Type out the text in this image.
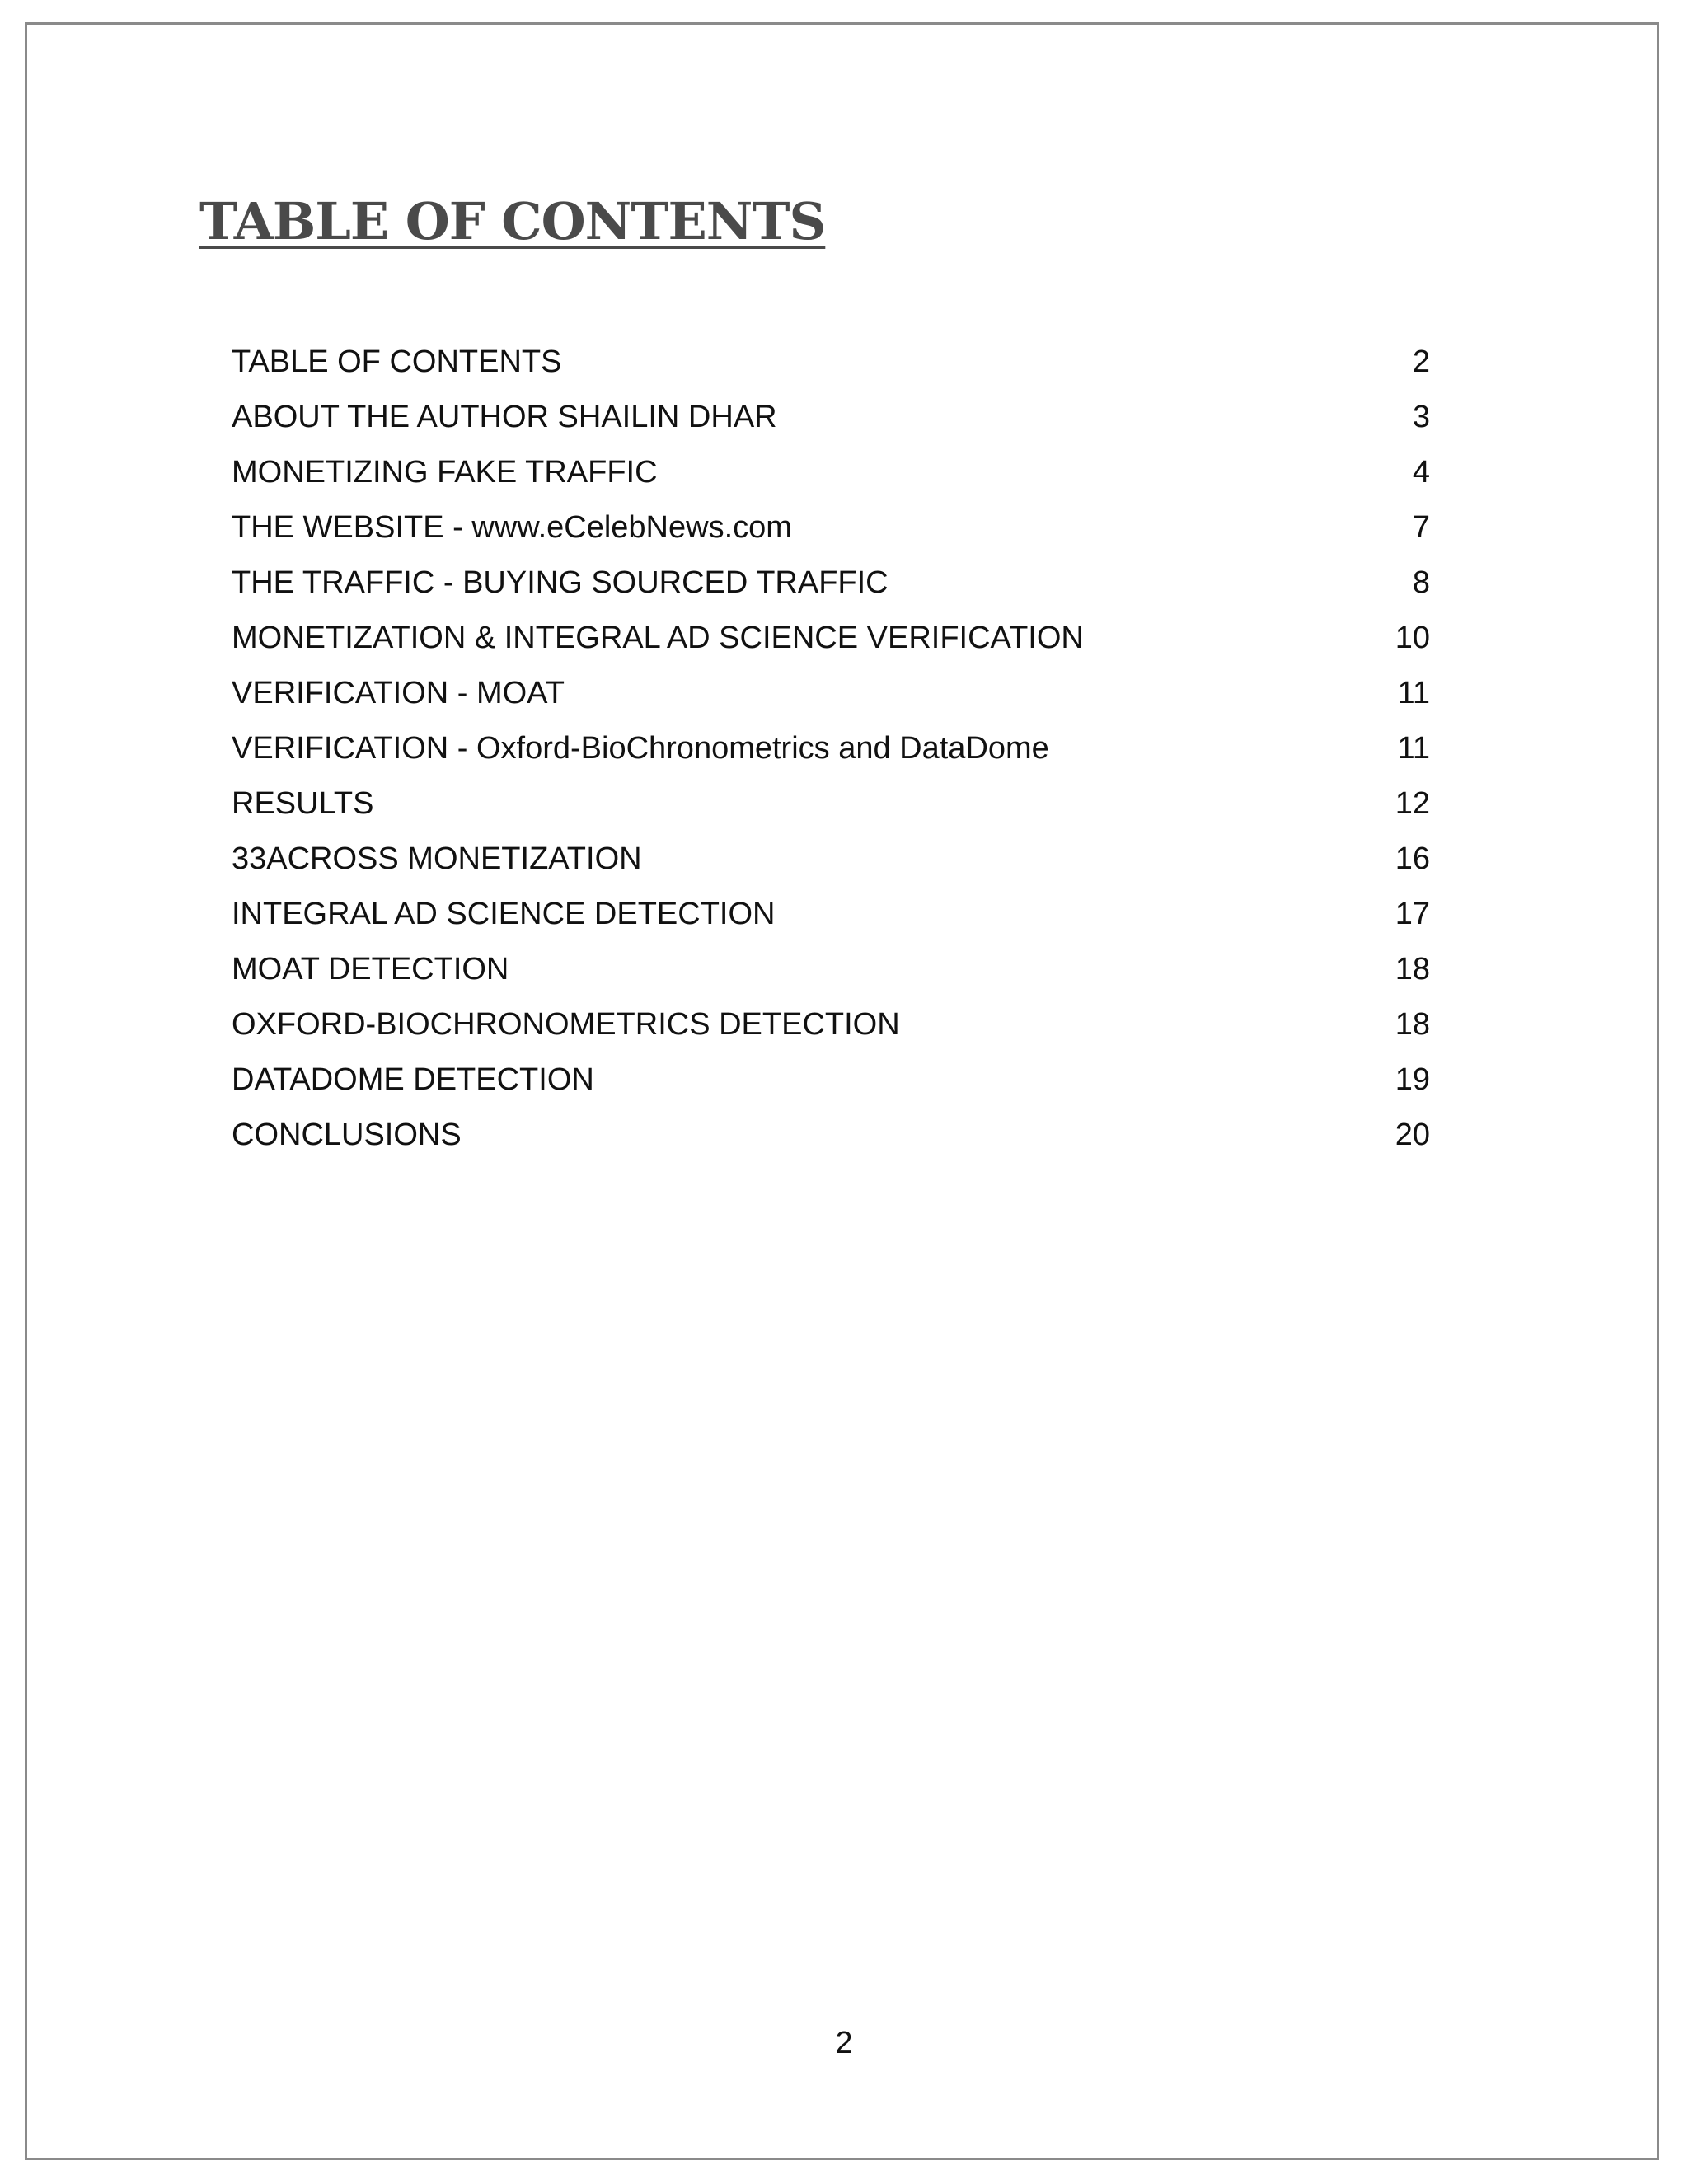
TABLE OF CONTENTS
TABLE OF CONTENTS	2
ABOUT THE AUTHOR SHAILIN DHAR	3
MONETIZING FAKE TRAFFIC	4
THE WEBSITE - www.eCelebNews.com	7
THE TRAFFIC - BUYING SOURCED TRAFFIC	8
MONETIZATION & INTEGRAL AD SCIENCE VERIFICATION	10
VERIFICATION - MOAT	11
VERIFICATION - Oxford-BioChronometrics and DataDome	11
RESULTS	12
33ACROSS MONETIZATION	16
INTEGRAL AD SCIENCE DETECTION	17
MOAT DETECTION	18
OXFORD-BIOCHRONOMETRICS DETECTION	18
DATADOME DETECTION	19
CONCLUSIONS	20
2
